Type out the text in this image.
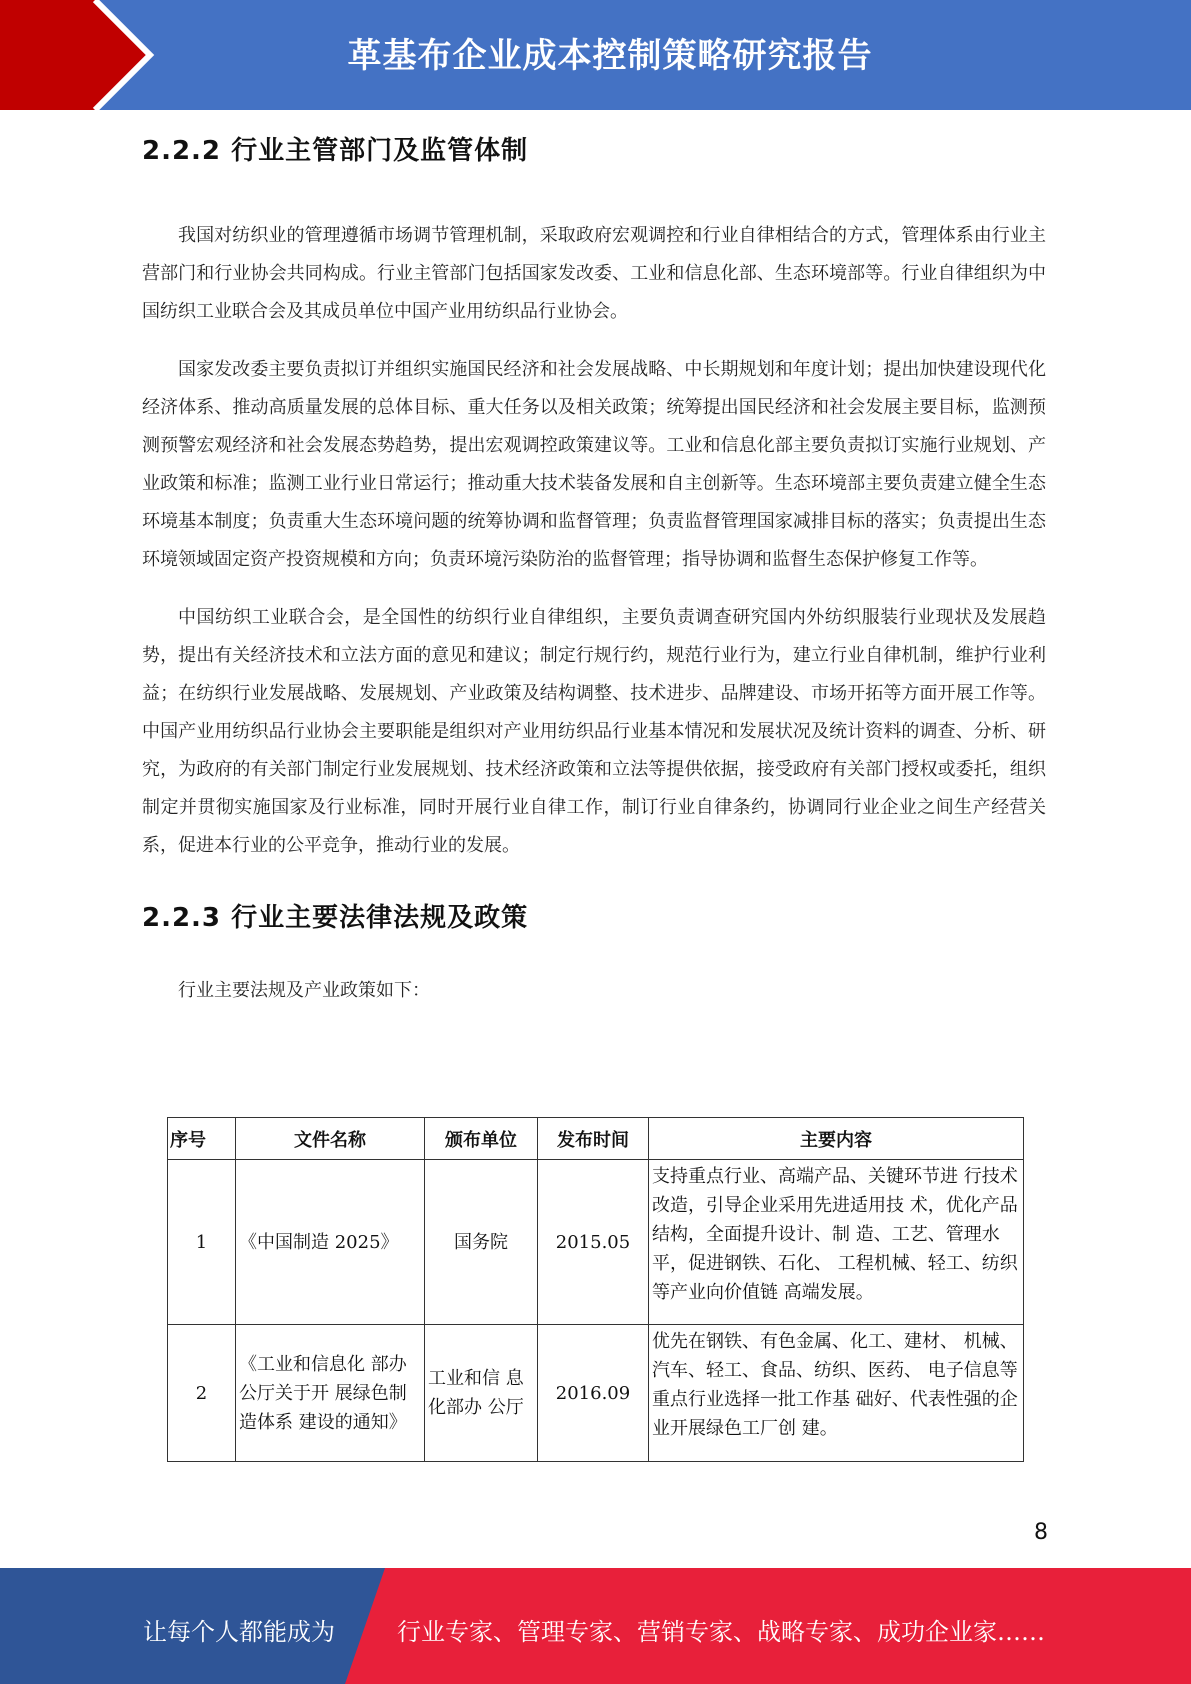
革基布企业成本控制策略研究报告
2.2.2 行业主管部门及监管体制

我国对纺织业的管理遵循市场调节管理机制，采取政府宏观调控和行业自律相结合的方式，管理体系由行业主营部门和行业协会共同构成。行业主管部门包括国家发改委、工业和信息化部、生态环境部等。行业自律组织为中国纺织工业联合会及其成员单位中国产业用纺织品行业协会。

国家发改委主要负责拟订并组织实施国民经济和社会发展战略、中长期规划和年度计划；提出加快建设现代化经济体系、推动高质量发展的总体目标、重大任务以及相关政策；统筹提出国民经济和社会发展主要目标，监测预测预警宏观经济和社会发展态势趋势，提出宏观调控政策建议等。工业和信息化部主要负责拟订实施行业规划、产业政策和标准；监测工业行业日常运行；推动重大技术装备发展和自主创新等。生态环境部主要负责建立健全生态环境基本制度；负责重大生态环境问题的统筹协调和监督管理；负责监督管理国家减排目标的落实；负责提出生态环境领域固定资产投资规模和方向；负责环境污染防治的监督管理；指导协调和监督生态保护修复工作等。

中国纺织工业联合会，是全国性的纺织行业自律组织，主要负责调查研究国内外纺织服装行业现状及发展趋势，提出有关经济技术和立法方面的意见和建议；制定行规行约，规范行业行为，建立行业自律机制，维护行业利益；在纺织行业发展战略、发展规划、产业政策及结构调整、技术进步、品牌建设、市场开拓等方面开展工作等。中国产业用纺织品行业协会主要职能是组织对产业用纺织品行业基本情况和发展状况及统计资料的调查、分析、研究，为政府的有关部门制定行业发展规划、技术经济政策和立法等提供依据，接受政府有关部门授权或委托，组织制定并贯彻实施国家及行业标准，同时开展行业自律工作，制订行业自律条约，协调同行业企业之间生产经营关系，促进本行业的公平竞争，推动行业的发展。

2.2.3 行业主要法律法规及政策

行业主要法规及产业政策如下：

序号	文件名称	颁布单位	发布时间	主要内容
1	《中国制造 2025》	国务院	2015.05	支持重点行业、高端产品、关键环节进 行技术改造，引导企业采用先进适用技 术，优化产品结构，全面提升设计、制 造、工艺、管理水平，促进钢铁、石化、 工程机械、轻工、纺织等产业向价值链 高端发展。
2	《工业和信息化 部办公厅关于开 展绿色制造体系 建设的通知》	工业和信 息化部办 公厅	2016.09	优先在钢铁、有色金属、化工、建材、 机械、汽车、轻工、食品、纺织、医药、 电子信息等重点行业选择一批工作基 础好、代表性强的企业开展绿色工厂创 建。
8
让每个人都能成为	行业专家、管理专家、营销专家、战略专家、成功企业家……
